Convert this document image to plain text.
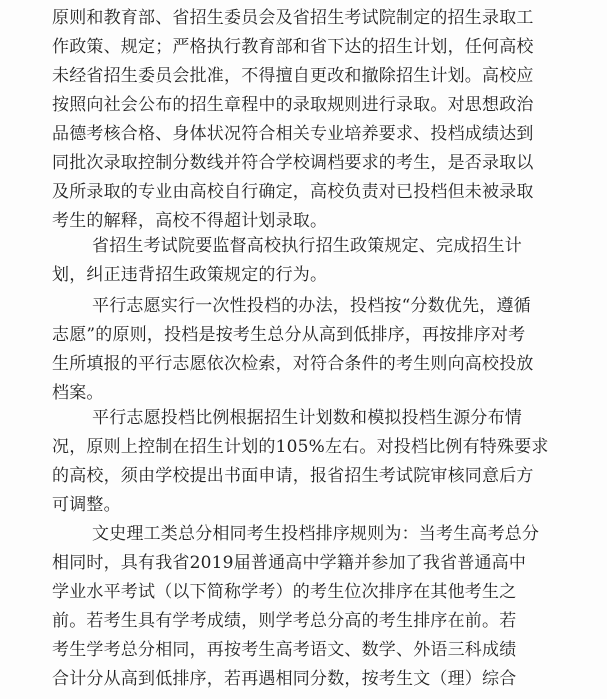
原则和教育部、省招生委员会及省招生考试院制定的招生录取工
作政策、规定；严格执行教育部和省下达的招生计划，任何高校
未经省招生委员会批准，不得擅自更改和撤除招生计划。高校应
按照向社会公布的招生章程中的录取规则进行录取。对思想政治
品德考核合格、身体状况符合相关专业培养要求、投档成绩达到
同批次录取控制分数线并符合学校调档要求的考生，是否录取以
及所录取的专业由高校自行确定，高校负责对已投档但未被录取
考生的解释，高校不得超计划录取。

省招生考试院要监督高校执行招生政策规定、完成招生计
划，纠正违背招生政策规定的行为。

平行志愿实行一次性投档的办法，投档按“分数优先，遵循
志愿”的原则，投档是按考生总分从高到低排序，再按排序对考
生所填报的平行志愿依次检索，对符合条件的考生则向高校投放
档案。

平行志愿投档比例根据招生计划数和模拟投档生源分布情
况，原则上控制在招生计划的105%左右。对投档比例有特殊要求
的高校，须由学校提出书面申请，报省招生考试院审核同意后方
可调整。

文史理工类总分相同考生投档排序规则为：当考生高考总分
相同时，具有我省2019届普通高中学籍并参加了我省普通高中
学业水平考试（以下简称学考）的考生位次排序在其他考生之
前。若考生具有学考成绩，则学考总分高的考生排序在前。若
考生学考总分相同，再按考生高考语文、数学、外语三科成绩
合计分从高到低排序，若再遇相同分数，按考生文（理）综合
